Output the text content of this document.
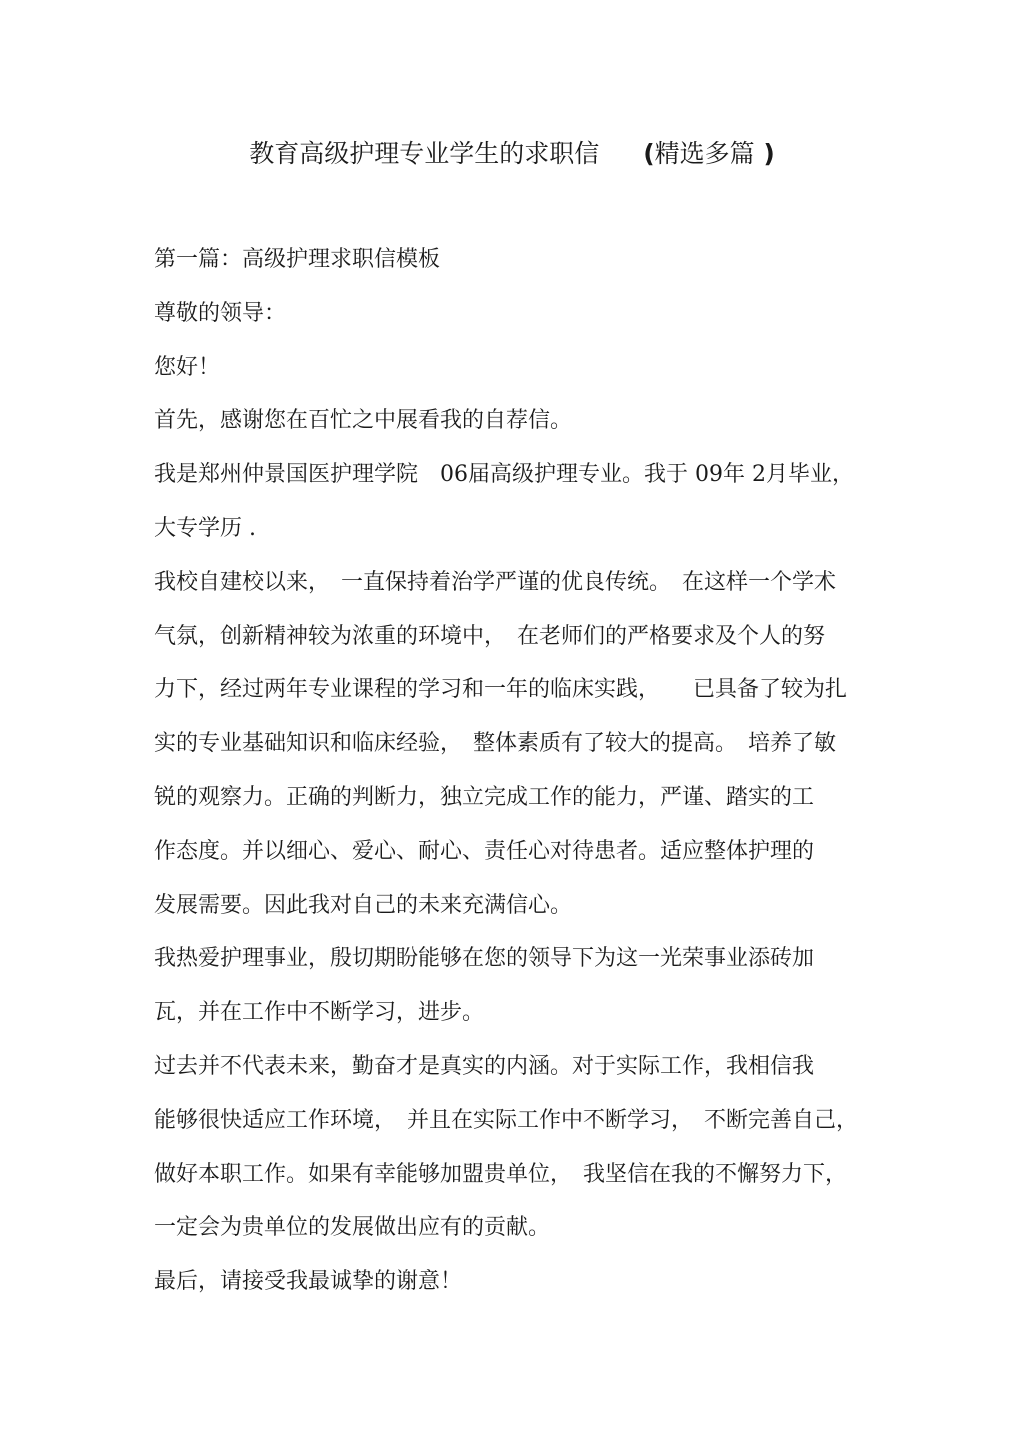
教育高级护理专业学生的求职信 (精选多篇 )
第一篇：高级护理求职信模板
尊敬的领导：
您好！
首先，感谢您在百忙之中展看我的自荐信。
我是郑州仲景国医护理学院　06届高级护理专业。我于 09年 2月毕业，
大专学历 .
我校自建校以来，　一直保持着治学严谨的优良传统。　在这样一个学术
气氛，创新精神较为浓重的环境中，　在老师们的严格要求及个人的努
力下，经过两年专业课程的学习和一年的临床实践，　　已具备了较为扎
实的专业基础知识和临床经验，　整体素质有了较大的提高。　培养了敏
锐的观察力。正确的判断力，独立完成工作的能力，严谨、踏实的工
作态度。并以细心、爱心、耐心、责任心对待患者。适应整体护理的
发展需要。因此我对自己的未来充满信心。
我热爱护理事业，殷切期盼能够在您的领导下为这一光荣事业添砖加
瓦，并在工作中不断学习，进步。
过去并不代表未来，勤奋才是真实的内涵。对于实际工作，我相信我
能够很快适应工作环境，　并且在实际工作中不断学习，　不断完善自己，
做好本职工作。如果有幸能够加盟贵单位，　我坚信在我的不懈努力下，
一定会为贵单位的发展做出应有的贡献。
最后，请接受我最诚挚的谢意！
